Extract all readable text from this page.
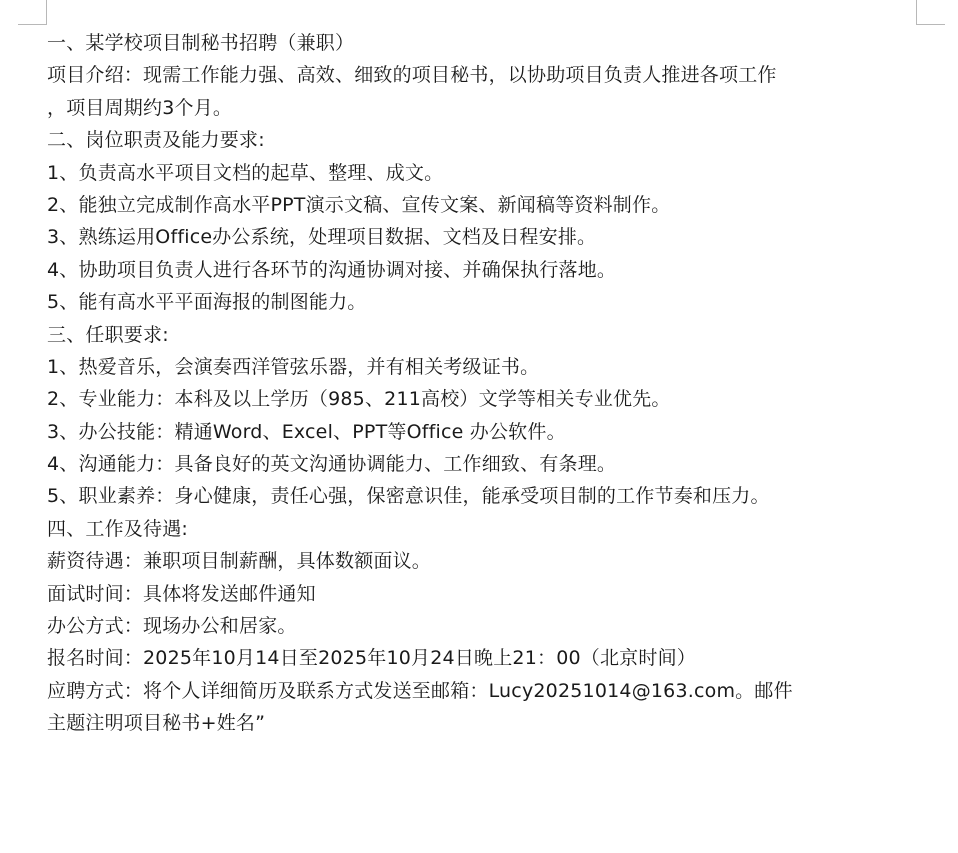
一、某学校项目制秘书招聘（兼职）
项目介绍：现需工作能力强、高效、细致的项目秘书，以协助项目负责人推进各项工作
，项目周期约3个月。
二、岗位职责及能力要求:
1、负责高水平项目文档的起草、整理、成文。
2、能独立完成制作高水平PPT演示文稿、宣传文案、新闻稿等资料制作。
3、熟练运用Office办公系统，处理项目数据、文档及日程安排。
4、协助项目负责人进行各环节的沟通协调对接、并确保执行落地。
5、能有高水平平面海报的制图能力。
三、任职要求:
1、热爱音乐，会演奏西洋管弦乐器，并有相关考级证书。
2、专业能力：本科及以上学历（985、211高校）文学等相关专业优先。
3、办公技能：精通Word、Excel、PPT等Office 办公软件。
4、沟通能力：具备良好的英文沟通协调能力、工作细致、有条理。
5、职业素养：身心健康，责任心强，保密意识佳，能承受项目制的工作节奏和压力。
四、工作及待遇:
薪资待遇：兼职项目制薪酬，具体数额面议。
面试时间：具体将发送邮件通知
办公方式：现场办公和居家。
报名时间：2025年10月14日至2025年10月24日晚上21：00（北京时间）
应聘方式：将个人详细简历及联系方式发送至邮箱：Lucy20251014@163.com。邮件
主题注明项目秘书+姓名”
